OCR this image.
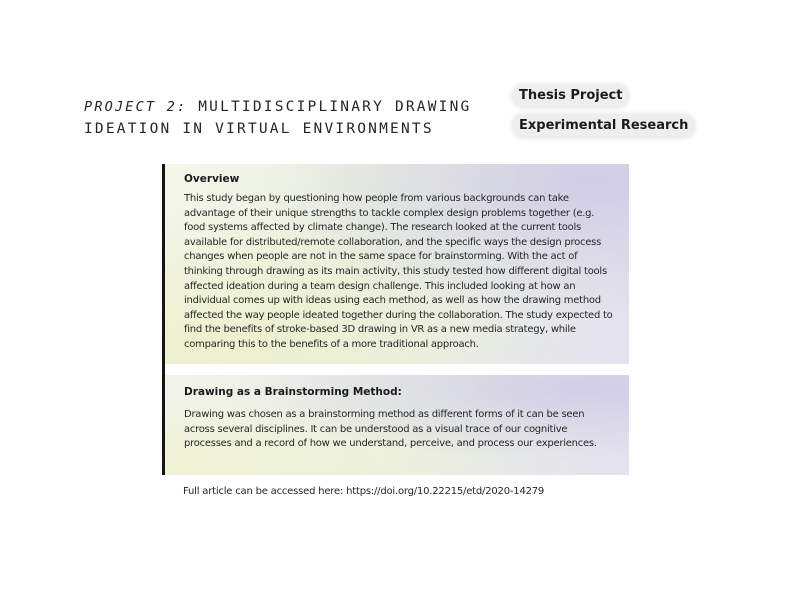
PROJECT 2: MULTIDISCIPLINARY DRAWING
IDEATION IN VIRTUAL ENVIRONMENTS
Thesis Project
Experimental Research
Overview

This study began by questioning how people from various backgrounds can take advantage of their unique strengths to tackle complex design problems together (e.g. food systems affected by climate change). The research looked at the current tools available for distributed/remote collaboration, and the specific ways the design process changes when people are not in the same space for brainstorming. With the act of thinking through drawing as its main activity, this study tested how different digital tools affected ideation during a team design challenge. This included looking at how an individual comes up with ideas using each method, as well as how the drawing method affected the way people ideated together during the collaboration. The study expected to find the benefits of stroke-based 3D drawing in VR as a new media strategy, while comparing this to the benefits of a more traditional approach.

Drawing as a Brainstorming Method:

Drawing was chosen as a brainstorming method as different forms of it can be seen across several disciplines. It can be understood as a visual trace of our cognitive processes and a record of how we understand, perceive, and process our experiences.

Full article can be accessed here: https://doi.org/10.22215/etd/2020-14279
